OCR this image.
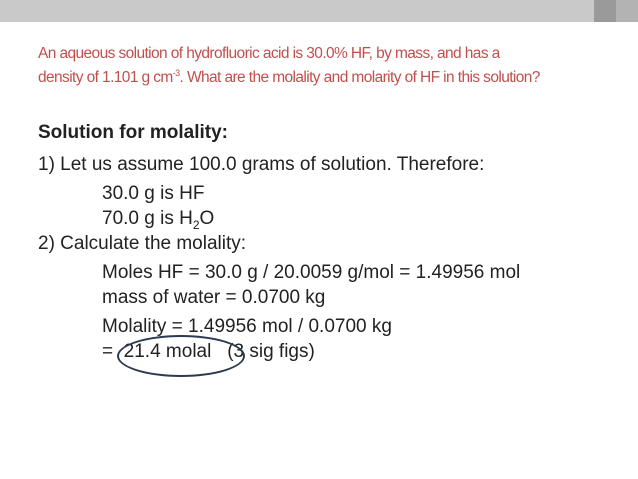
An aqueous solution of hydrofluoric acid is 30.0% HF, by mass, and has a
density of 1.101 g $cm^{-3}$. What are the molality and molarity of HF in this solution?
Solution for molality:
1) Let us assume 100.0 grams of solution. Therefore:
30.0 g is HF
70.0 g is $H_2O$
2) Calculate the molality:
Moles HF = 30.0 g / 20.0059 g/mol = 1.49956 mol
mass of water = 0.0700 kg
Molality = 1.49956 mol / 0.0700 kg
= 21.4 molal (3 sig figs)
